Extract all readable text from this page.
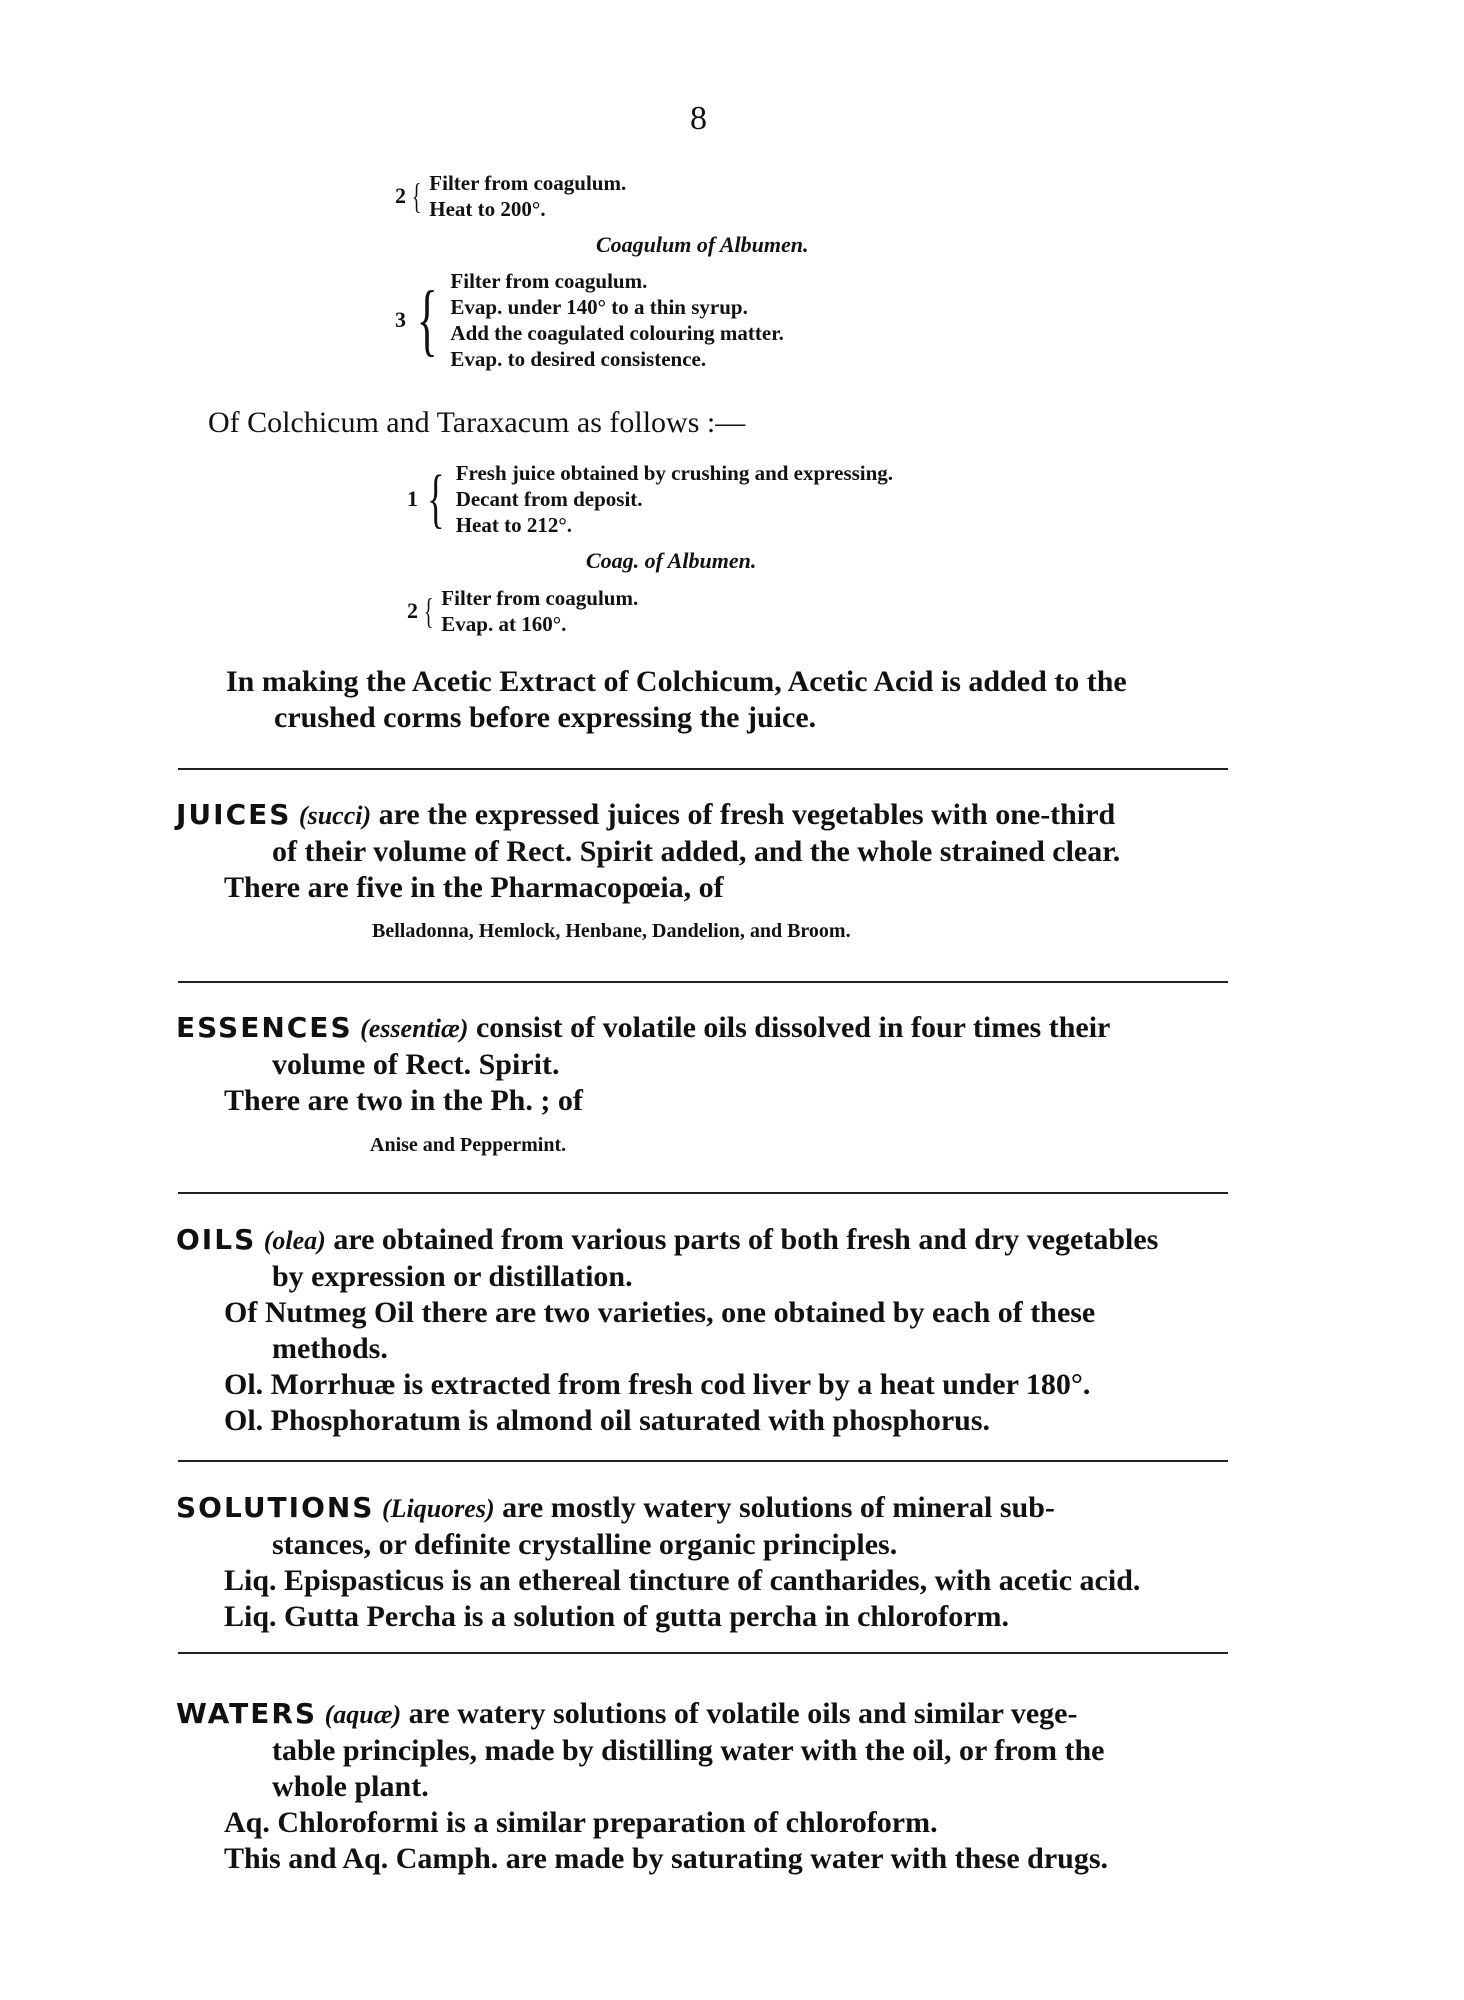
8
2 { Filter from coagulum.
Heat to 200°.
Coagulum of Albumen.
3 { Filter from coagulum.
Evap. under 140° to a thin syrup.
Add the coagulated colouring matter.
Evap. to desired consistence.
Of Colchicum and Taraxacum as follows :—
1 { Fresh juice obtained by crushing and expressing.
Decant from deposit.
Heat to 212°.
Coag. of Albumen.
2 { Filter from coagulum.
Evap. at 160°.
In making the Acetic Extract of Colchicum, Acetic Acid is added to the
crushed corms before expressing the juice.
JUICES (succi) are the expressed juices of fresh vegetables with one-third
of their volume of Rect. Spirit added, and the whole strained clear.
There are five in the Pharmacopœia, of
Belladonna, Hemlock, Henbane, Dandelion, and Broom.
ESSENCES (essentiæ) consist of volatile oils dissolved in four times their
volume of Rect. Spirit.
There are two in the Ph. ; of
Anise and Peppermint.
OILS (olea) are obtained from various parts of both fresh and dry vegetables
by expression or distillation.
Of Nutmeg Oil there are two varieties, one obtained by each of these
methods.
Ol. Morrhuæ is extracted from fresh cod liver by a heat under 180°.
Ol. Phosphoratum is almond oil saturated with phosphorus.
SOLUTIONS (Liquores) are mostly watery solutions of mineral sub-
stances, or definite crystalline organic principles.
Liq. Epispasticus is an ethereal tincture of cantharides, with acetic acid.
Liq. Gutta Percha is a solution of gutta percha in chloroform.
WATERS (aquæ) are watery solutions of volatile oils and similar vege-
table principles, made by distilling water with the oil, or from the
whole plant.
Aq. Chloroformi is a similar preparation of chloroform.
This and Aq. Camph. are made by saturating water with these drugs.
